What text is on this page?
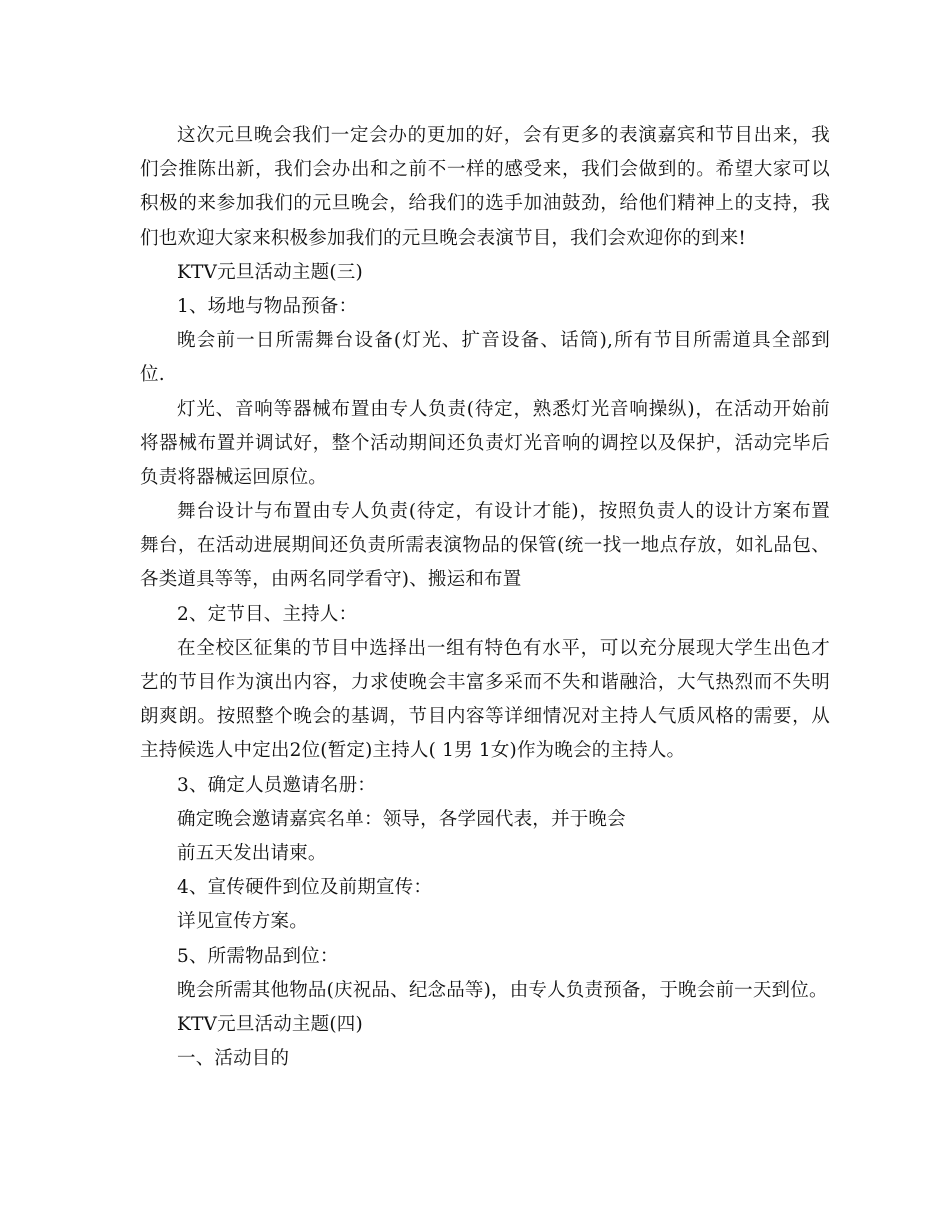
这次元旦晚会我们一定会办的更加的好，会有更多的表演嘉宾和节目出来，我
们会推陈出新，我们会办出和之前不一样的感受来，我们会做到的。希望大家可以
积极的来参加我们的元旦晚会，给我们的选手加油鼓劲，给他们精神上的支持，我
们也欢迎大家来积极参加我们的元旦晚会表演节目，我们会欢迎你的到来!
KTV元旦活动主题(三)
1、场地与物品预备：
晚会前一日所需舞台设备(灯光、扩音设备、话筒),所有节目所需道具全部到
位.
灯光、音响等器械布置由专人负责(待定，熟悉灯光音响操纵)，在活动开始前
将器械布置并调试好，整个活动期间还负责灯光音响的调控以及保护，活动完毕后
负责将器械运回原位。
舞台设计与布置由专人负责(待定，有设计才能)，按照负责人的设计方案布置
舞台，在活动进展期间还负责所需表演物品的保管(统一找一地点存放，如礼品包、
各类道具等等，由两名同学看守)、搬运和布置
2、定节目、主持人：
在全校区征集的节目中选择出一组有特色有水平，可以充分展现大学生出色才
艺的节目作为演出内容，力求使晚会丰富多采而不失和谐融洽，大气热烈而不失明
朗爽朗。按照整个晚会的基调，节目内容等详细情况对主持人气质风格的需要，从
主持候选人中定出2位(暂定)主持人( 1男 1女)作为晚会的主持人。
3、确定人员邀请名册：
确定晚会邀请嘉宾名单：领导，各学园代表，并于晚会
前五天发出请柬。
4、宣传硬件到位及前期宣传：
详见宣传方案。
5、所需物品到位：
晚会所需其他物品(庆祝品、纪念品等)，由专人负责预备，于晚会前一天到位。
KTV元旦活动主题(四)
一、活动目的
